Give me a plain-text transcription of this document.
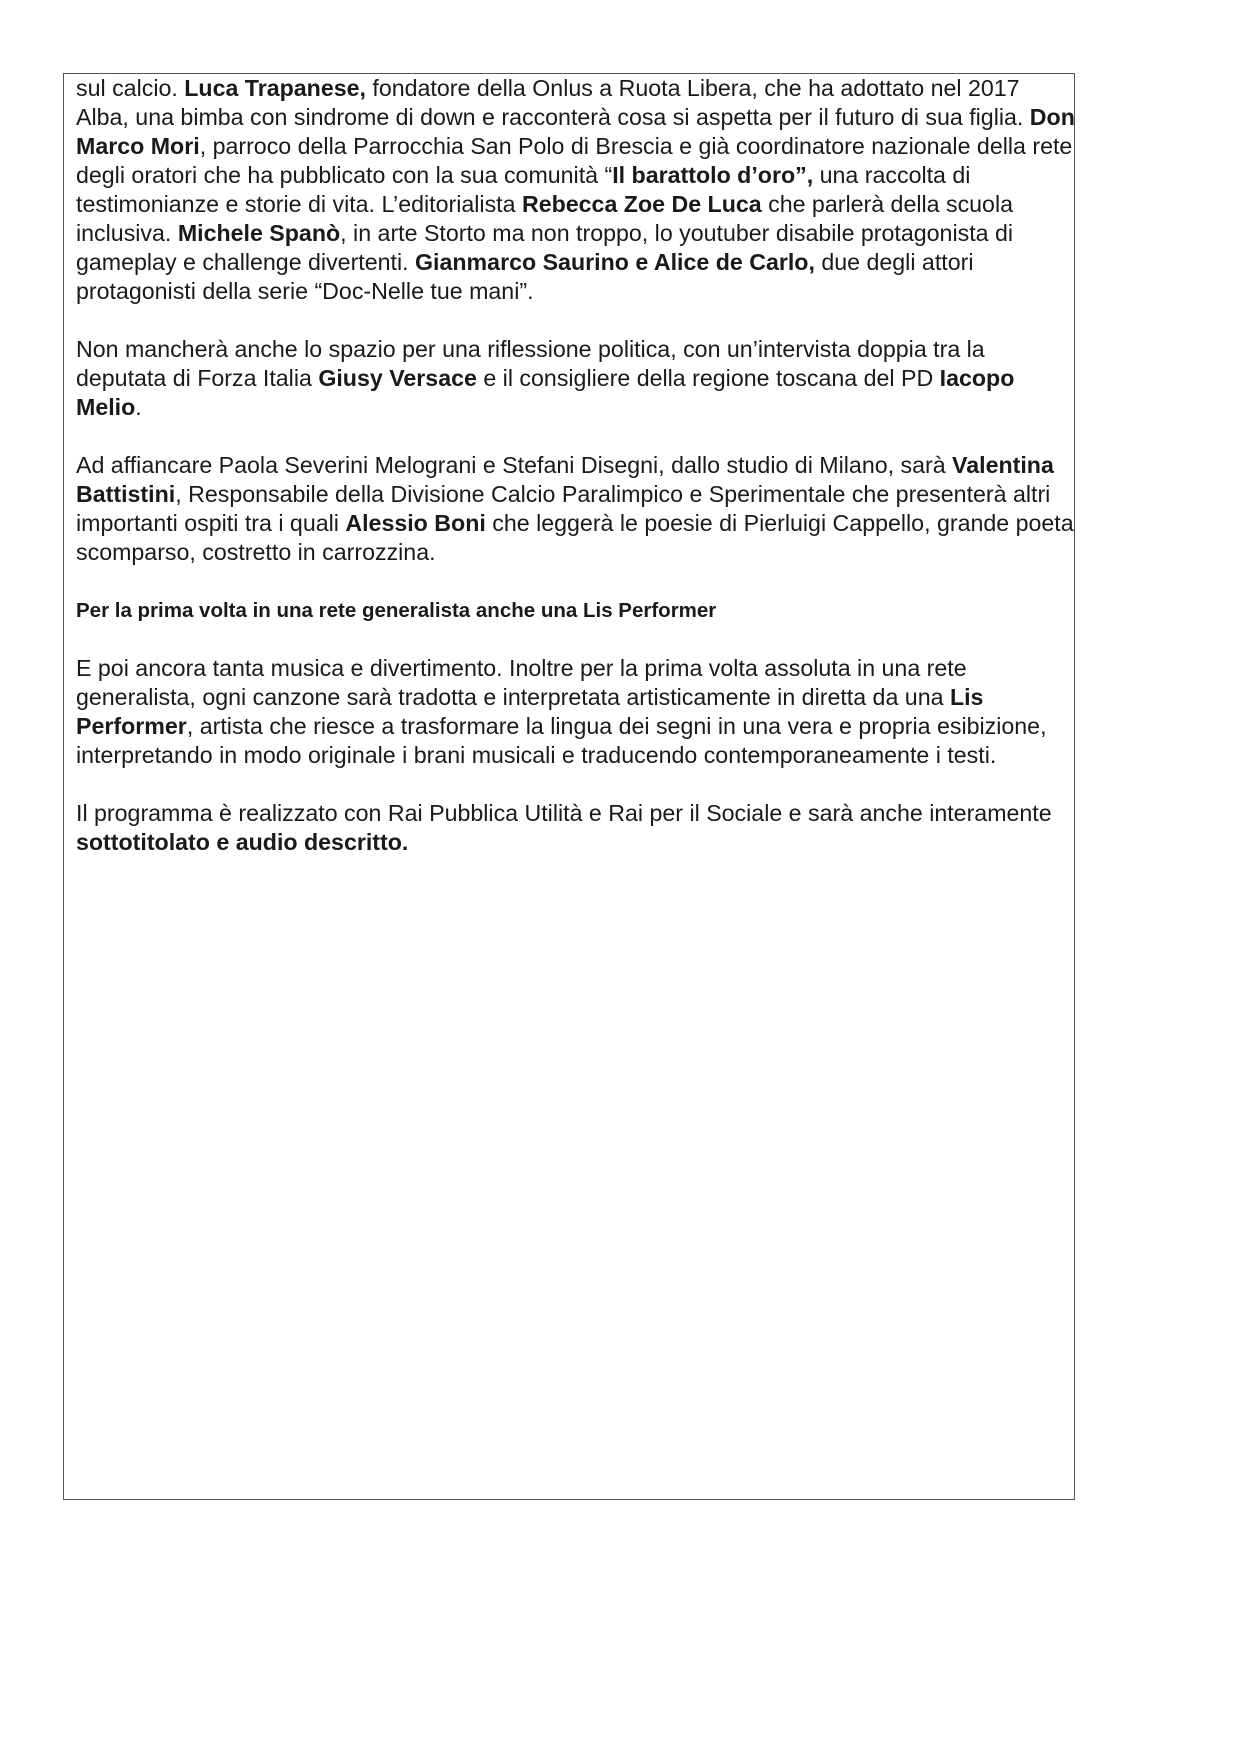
sul calcio. Luca Trapanese, fondatore della Onlus a Ruota Libera, che ha adottato nel 2017 Alba, una bimba con sindrome di down e racconterà cosa si aspetta per il futuro di sua figlia. Don Marco Mori, parroco della Parrocchia San Polo di Brescia e già coordinatore nazionale della rete degli oratori che ha pubblicato con la sua comunità “Il barattolo d’oro”, una raccolta di testimonianze e storie di vita. L’editorialista Rebecca Zoe De Luca che parlerà della scuola inclusiva. Michele Spanò, in arte Storto ma non troppo, lo youtuber disabile protagonista di gameplay e challenge divertenti. Gianmarco Saurino e Alice de Carlo, due degli attori protagonisti della serie “Doc-Nelle tue mani”.

Non mancherà anche lo spazio per una riflessione politica, con un’intervista doppia tra la deputata di Forza Italia Giusy Versace e il consigliere della regione toscana del PD Iacopo Melio.

Ad affiancare Paola Severini Melograni e Stefani Disegni, dallo studio di Milano, sarà Valentina Battistini, Responsabile della Divisione Calcio Paralimpico e Sperimentale che presenterà altri importanti ospiti tra i quali Alessio Boni che leggerà le poesie di Pierluigi Cappello, grande poeta scomparso, costretto in carrozzina.

Per la prima volta in una rete generalista anche una Lis Performer

E poi ancora tanta musica e divertimento. Inoltre per la prima volta assoluta in una rete generalista, ogni canzone sarà tradotta e interpretata artisticamente in diretta da una Lis Performer, artista che riesce a trasformare la lingua dei segni in una vera e propria esibizione, interpretando in modo originale i brani musicali e traducendo contemporaneamente i testi.

Il programma è realizzato con Rai Pubblica Utilità e Rai per il Sociale e sarà anche interamente sottotitolato e audio descritto.
